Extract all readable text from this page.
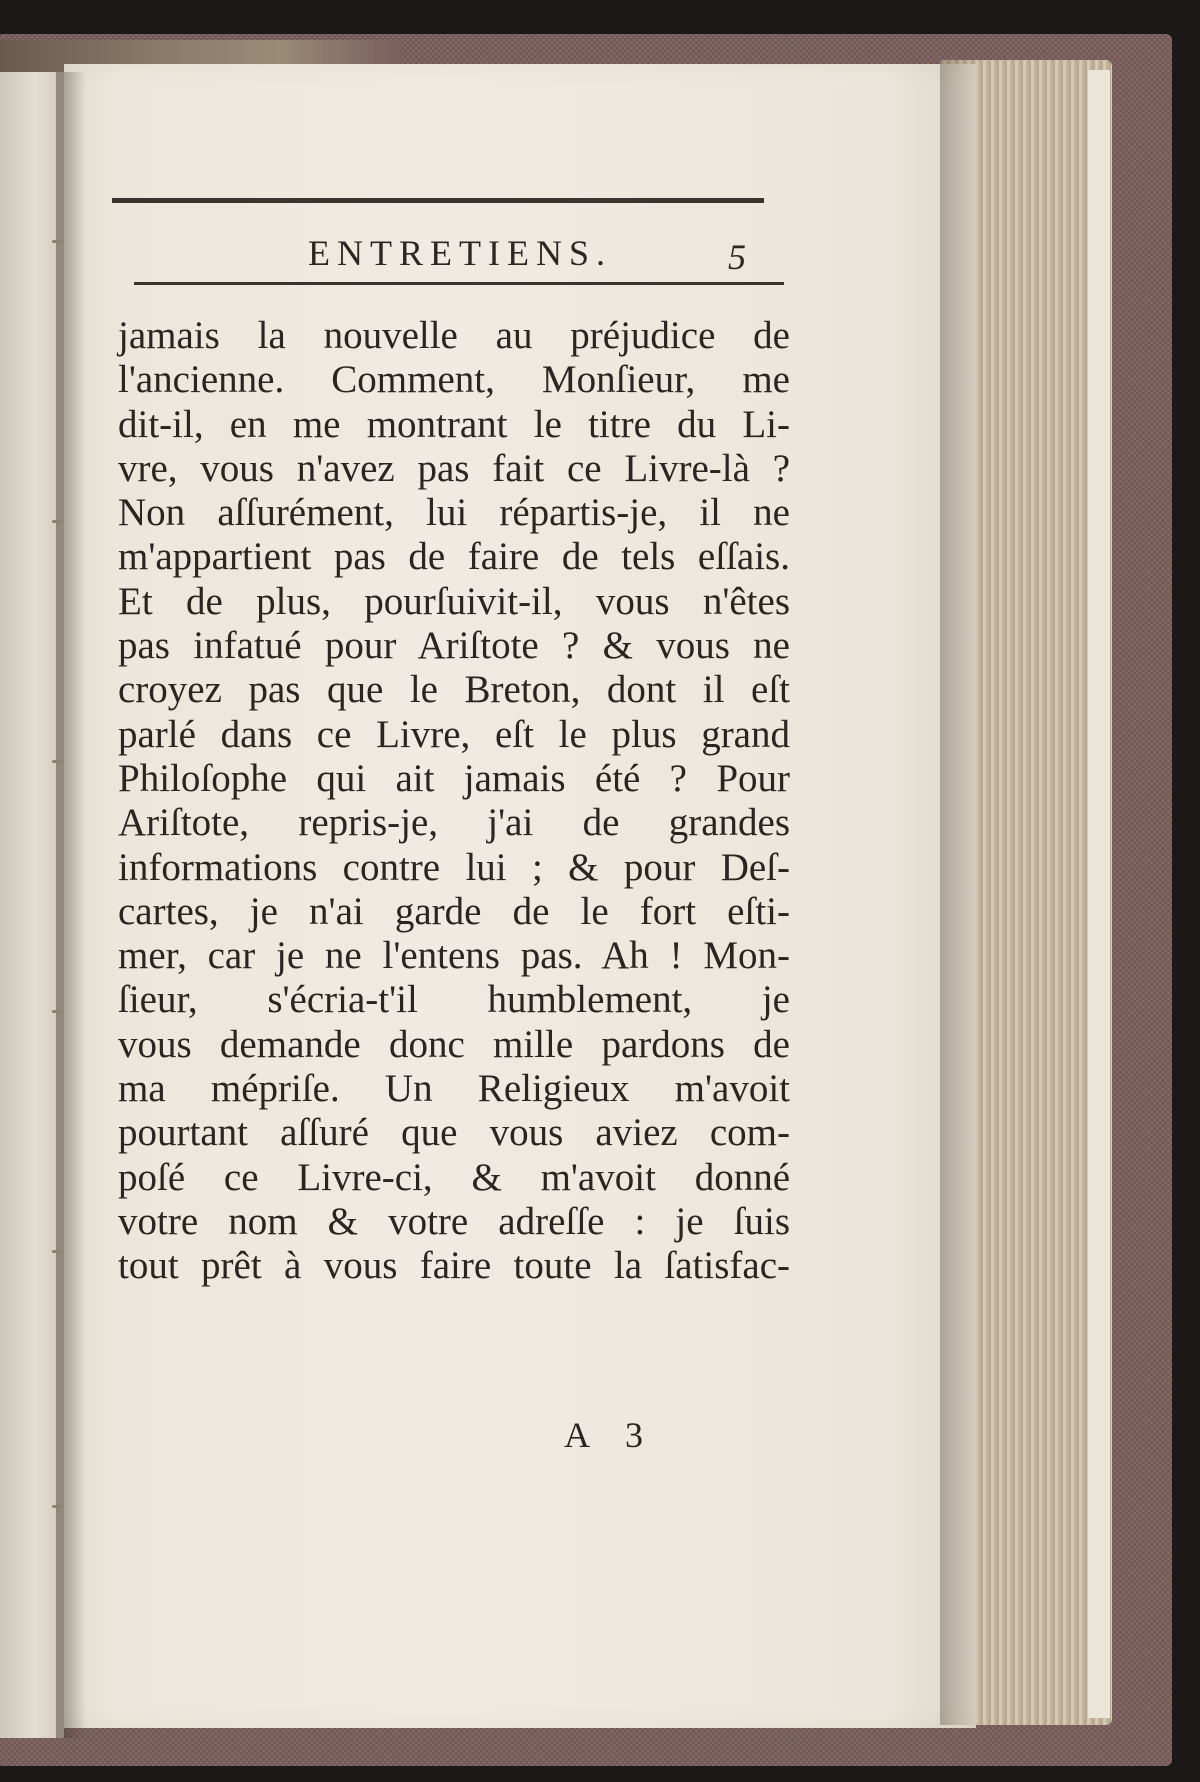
ENTRETIENS.	5
jamais la nouvelle au préjudice de
l'ancienne. Comment, Monſieur, me
dit-il, en me montrant le titre du Li-
vre, vous n'avez pas fait ce Livre-là ?
Non aſſurément, lui répartis-je, il ne
m'appartient pas de faire de tels eſſais.
Et de plus, pourſuivit-il, vous n'êtes
pas infatué pour Ariſtote ? & vous ne
croyez pas que le Breton, dont il eſt
parlé dans ce Livre, eſt le plus grand
Philoſophe qui ait jamais été ? Pour
Ariſtote, repris-je, j'ai de grandes
informations contre lui ; & pour Deſ-
cartes, je n'ai garde de le fort eſti-
mer, car je ne l'entens pas. Ah ! Mon-
ſieur, s'écria-t'il humblement, je
vous demande donc mille pardons de
ma mépriſe. Un Religieux m'avoit
pourtant aſſuré que vous aviez com-
poſé ce Livre-ci, & m'avoit donné
votre nom & votre adreſſe : je ſuis
tout prêt à vous faire toute la ſatisfac-
A 3
